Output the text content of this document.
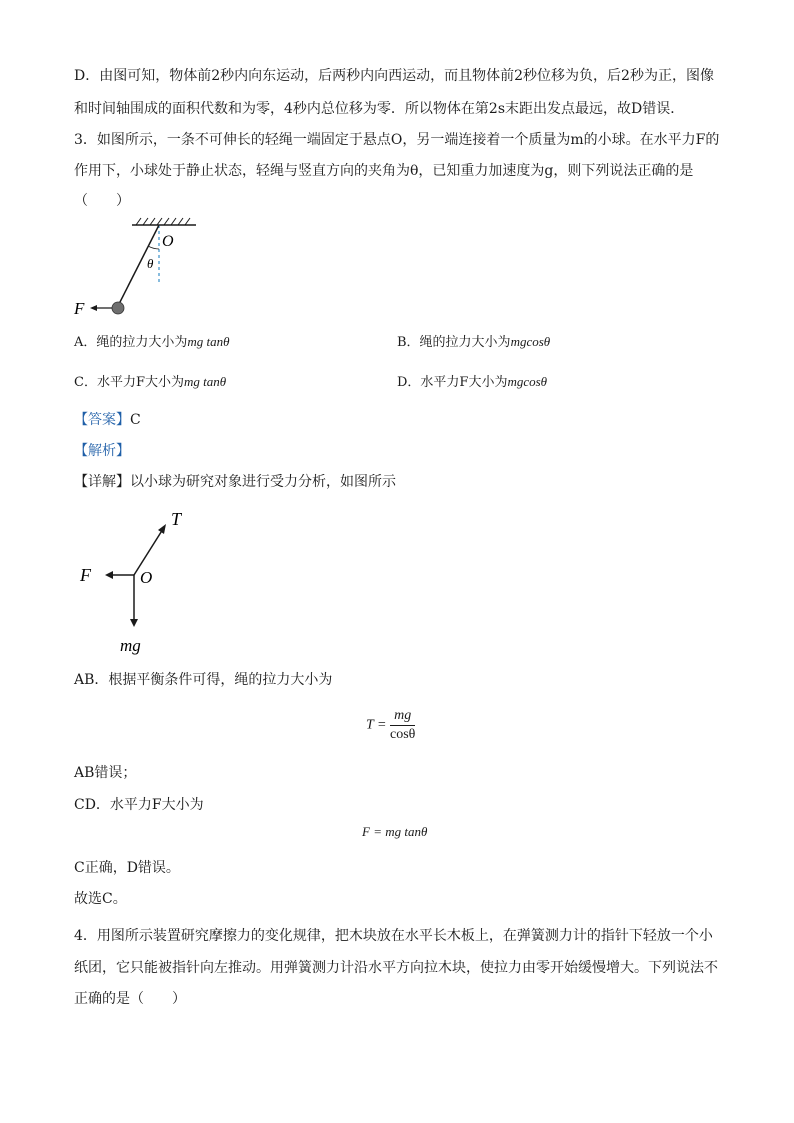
D．由图可知，物体前2秒内向东运动，后两秒内向西运动，而且物体前2秒位移为负，后2秒为正，图像
和时间轴围成的面积代数和为零，4秒内总位移为零．所以物体在第2s末距出发点最远，故D错误．
3．如图所示，一条不可伸长的轻绳一端固定于悬点O，另一端连接着一个质量为m的小球。在水平力F的
作用下，小球处于静止状态，轻绳与竖直方向的夹角为θ，已知重力加速度为g，则下列说法正确的是
（　　）
O
θ
F
A．绳的拉力大小为mg tanθ	B．绳的拉力大小为mgcosθ
C．水平力F大小为mg tanθ	D．水平力F大小为mgcosθ
【答案】C
【解析】
【详解】以小球为研究对象进行受力分析，如图所示
T
F	O
mg
AB．根据平衡条件可得，绳的拉力大小为
$T = \frac{mg}{\cos\theta}$
AB错误；
CD．水平力F大小为
F = mg tanθ
C正确，D错误。
故选C。
4．用图所示装置研究摩擦力的变化规律，把木块放在水平长木板上，在弹簧测力计的指针下轻放一个小
纸团，它只能被指针向左推动。用弹簧测力计沿水平方向拉木块，使拉力由零开始缓慢增大。下列说法不
正确的是（　　）
